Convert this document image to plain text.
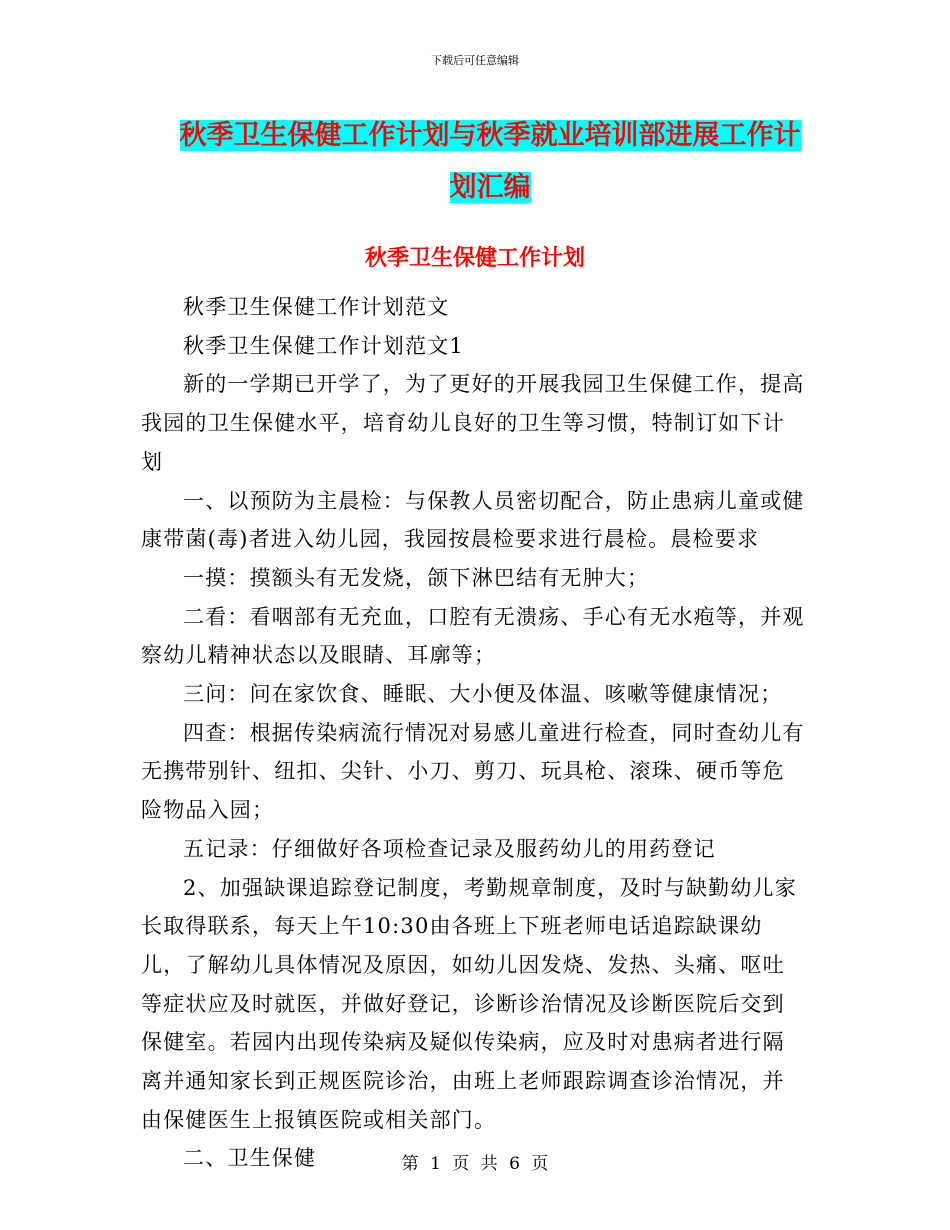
下载后可任意编辑
秋季卫生保健工作计划与秋季就业培训部进展工作计
划汇编
秋季卫生保健工作计划

秋季卫生保健工作计划范文

秋季卫生保健工作计划范文1

新的一学期已开学了，为了更好的开展我园卫生保健工作，提高我园的卫生保健水平，培育幼儿良好的卫生等习惯，特制订如下计划

一、以预防为主晨检：与保教人员密切配合，防止患病儿童或健康带菌(毒)者进入幼儿园，我园按晨检要求进行晨检。晨检要求

一摸：摸额头有无发烧，颌下淋巴结有无肿大；

二看：看咽部有无充血，口腔有无溃疡、手心有无水疱等，并观察幼儿精神状态以及眼睛、耳廓等；

三问：问在家饮食、睡眠、大小便及体温、咳嗽等健康情况；

四查：根据传染病流行情况对易感儿童进行检查，同时查幼儿有无携带别针、纽扣、尖针、小刀、剪刀、玩具枪、滚珠、硬币等危险物品入园；

五记录：仔细做好各项检查记录及服药幼儿的用药登记

2、加强缺课追踪登记制度，考勤规章制度，及时与缺勤幼儿家长取得联系，每天上午10:30由各班上下班老师电话追踪缺课幼儿，了解幼儿具体情况及原因，如幼儿因发烧、发热、头痛、呕吐等症状应及时就医，并做好登记，诊断诊治情况及诊断医院后交到保健室。若园内出现传染病及疑似传染病，应及时对患病者进行隔离并通知家长到正规医院诊治，由班上老师跟踪调查诊治情况，并由保健医生上报镇医院或相关部门。

二、卫生保健	第 1 页 共 6 页
